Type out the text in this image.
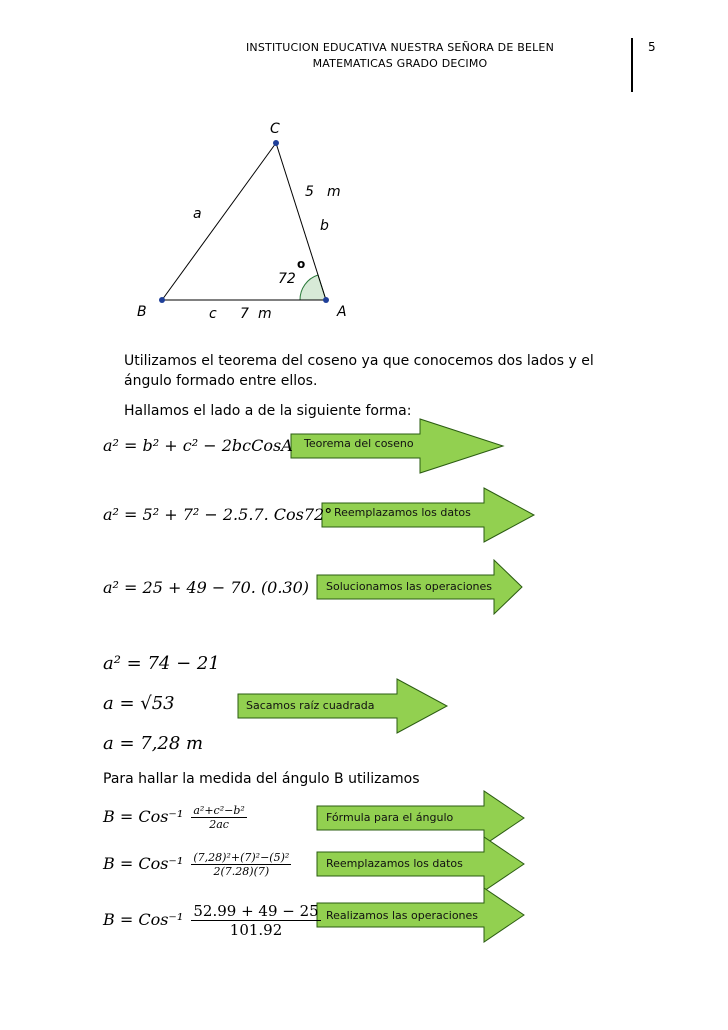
INSTITUCION EDUCATIVA NUESTRA SEÑORA DE BELEN
MATEMATICAS GRADO DECIMO
5
C
B	A
a
b
5 m
c 7 m
72
o
Utilizamos el teorema del coseno ya que conocemos dos lados y el ángulo formado entre ellos.
Hallamos el lado a de la siguiente forma:
Teorema del coseno
a² = b² + c² − 2bcCosA
Reemplazamos los datos
a² = 5² + 7² − 2.5.7. Cos72°
Solucionamos las operaciones
a² = 25 + 49 − 70. (0.30)
a² = 74 − 21
Sacamos raíz cuadrada
a = √53
a = 7,28 m
Para hallar la medida del ángulo B utilizamos
Fórmula para el ángulo
$B = Cos^{-1} \frac{\text{a²+c²−b²}}{2ac}$
Reemplazamos los datos
$B = Cos^{-1} \frac{\text{(7,28)²+(7)²−(5)²}}{2(7.28)(7)}$
Realizamos las operaciones
$B = Cos^{-1} \frac{52.99 + 49 - 25}{101.92}$
